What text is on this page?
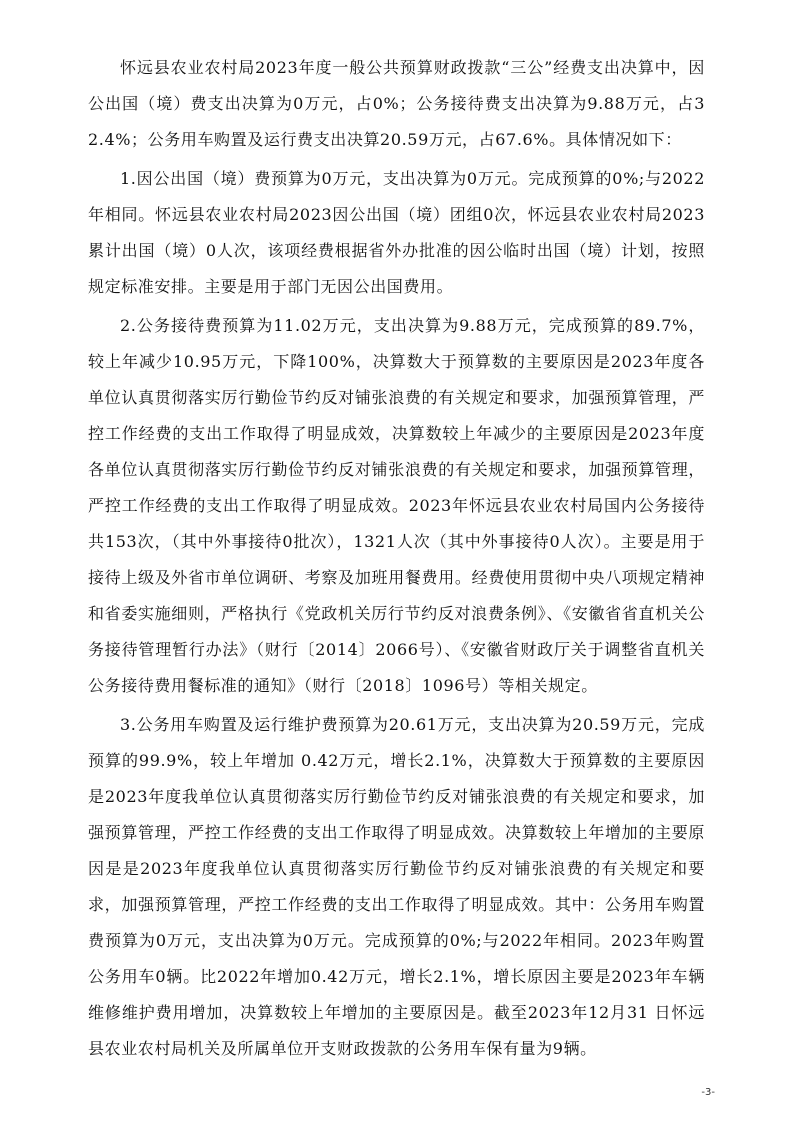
怀远县农业农村局2023年度一般公共预算财政拨款“三公”经费支出决算中，因公出国（境）费支出决算为0万元，占0%；公务接待费支出决算为9.88万元，占32.4%；公务用车购置及运行费支出决算20.59万元，占67.6%。具体情况如下：

1.因公出国（境）费预算为0万元，支出决算为0万元。完成预算的0%;与2022年相同。怀远县农业农村局2023因公出国（境）团组0次，怀远县农业农村局2023累计出国（境）0人次，该项经费根据省外办批准的因公临时出国（境）计划，按照规定标准安排。主要是用于部门无因公出国费用。

2.公务接待费预算为11.02万元，支出决算为9.88万元，完成预算的89.7%，较上年减少10.95万元，下降100%，决算数大于预算数的主要原因是2023年度各单位认真贯彻落实厉行勤俭节约反对铺张浪费的有关规定和要求，加强预算管理，严控工作经费的支出工作取得了明显成效，决算数较上年减少的主要原因是2023年度各单位认真贯彻落实厉行勤俭节约反对铺张浪费的有关规定和要求，加强预算管理，严控工作经费的支出工作取得了明显成效。2023年怀远县农业农村局国内公务接待共153次，（其中外事接待0批次），1321人次（其中外事接待0人次）。主要是用于接待上级及外省市单位调研、考察及加班用餐费用。经费使用贯彻中央八项规定精神和省委实施细则，严格执行《党政机关厉行节约反对浪费条例》、《安徽省省直机关公务接待管理暂行办法》（财行〔2014〕2066号）、《安徽省财政厅关于调整省直机关公务接待费用餐标准的通知》（财行〔2018〕1096号）等相关规定。

3.公务用车购置及运行维护费预算为20.61万元，支出决算为20.59万元，完成预算的99.9%，较上年增加 0.42万元，增长2.1%，决算数大于预算数的主要原因是2023年度我单位认真贯彻落实厉行勤俭节约反对铺张浪费的有关规定和要求，加强预算管理，严控工作经费的支出工作取得了明显成效。决算数较上年增加的主要原因是是2023年度我单位认真贯彻落实厉行勤俭节约反对铺张浪费的有关规定和要求，加强预算管理，严控工作经费的支出工作取得了明显成效。其中：公务用车购置费预算为0万元，支出决算为0万元。完成预算的0%;与2022年相同。2023年购置公务用车0辆。比2022年增加0.42万元，增长2.1%，增长原因主要是2023年车辆维修维护费用增加，决算数较上年增加的主要原因是。截至2023年12月31 日怀远县农业农村局机关及所属单位开支财政拨款的公务用车保有量为9辆。

-3-
